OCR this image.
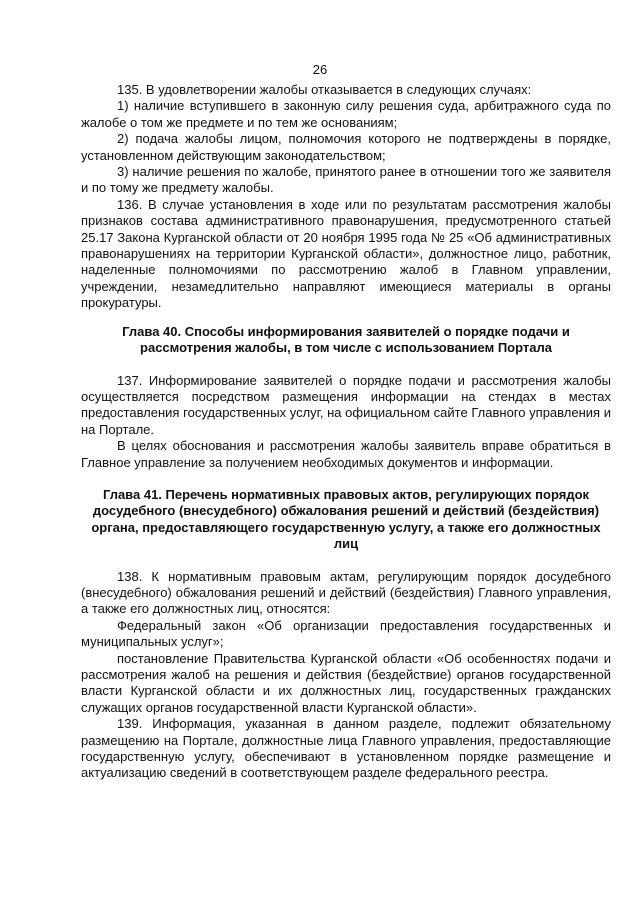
26

135. В удовлетворении жалобы отказывается в следующих случаях:

1) наличие вступившего в законную силу решения суда, арбитражного суда по жалобе о том же предмете и по тем же основаниям;

2) подача жалобы лицом, полномочия которого не подтверждены в порядке, установленном действующим законодательством;

3) наличие решения по жалобе, принятого ранее в отношении того же заявителя и по тому же предмету жалобы.

136. В случае установления в ходе или по результатам рассмотрения жалобы признаков состава административного правонарушения, предусмотренного статьей 25.17 Закона Курганской области от 20 ноября 1995 года № 25 «Об административных правонарушениях на территории Курганской области», должностное лицо, работник, наделенные полномочиями по рассмотрению жалоб в Главном управлении, учреждении, незамедлительно направляют имеющиеся материалы в органы прокуратуры.

Глава 40. Способы информирования заявителей о порядке подачи и
рассмотрения жалобы, в том числе с использованием Портала

137. Информирование заявителей о порядке подачи и рассмотрения жалобы осуществляется посредством размещения информации на стендах в местах предоставления государственных услуг, на официальном сайте Главного управления и на Портале.

В целях обоснования и рассмотрения жалобы заявитель вправе обратиться в Главное управление за получением необходимых документов и информации.

Глава 41. Перечень нормативных правовых актов, регулирующих порядок
досудебного (внесудебного) обжалования решений и действий (бездействия)
органа, предоставляющего государственную услугу, а также его должностных лиц

138. К нормативным правовым актам, регулирующим порядок досудебного (внесудебного) обжалования решений и действий (бездействия) Главного управления, а также его должностных лиц, относятся:

Федеральный закон «Об организации предоставления государственных и муниципальных услуг»;

постановление Правительства Курганской области «Об особенностях подачи и рассмотрения жалоб на решения и действия (бездействие) органов государственной власти Курганской области и их должностных лиц, государственных гражданских служащих органов государственной власти Курганской области».

139. Информация, указанная в данном разделе, подлежит обязательному размещению на Портале, должностные лица Главного управления, предоставляющие государственную услугу, обеспечивают в установленном порядке размещение и актуализацию сведений в соответствующем разделе федерального реестра.
